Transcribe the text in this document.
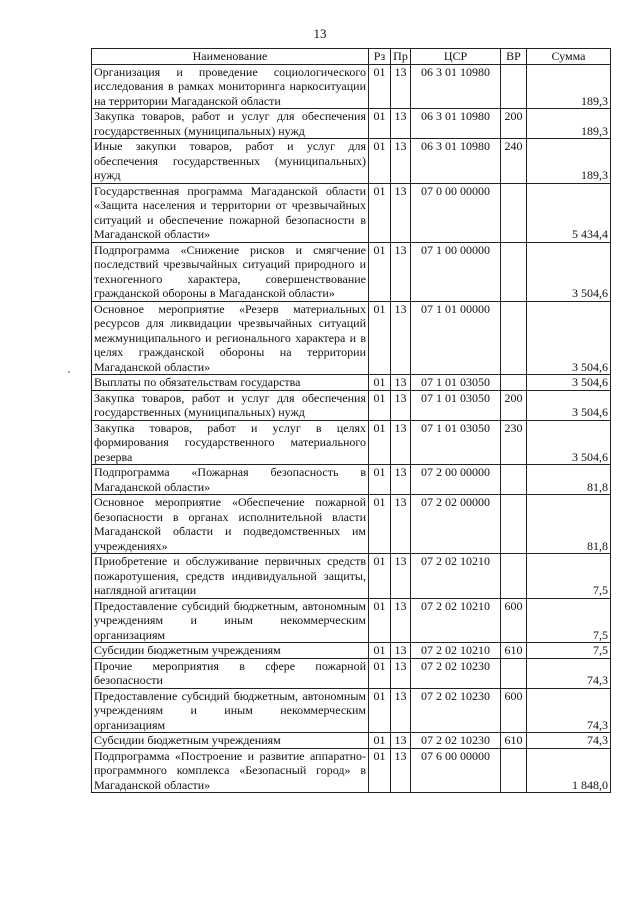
13
Наименование	Рз	Пр	ЦСР	ВР	Сумма
Организация и проведение социологического исследования в рамках мониторинга наркоситуации на территории Магаданской области	01	13	06 3 01 10980		189,3
Закупка товаров, работ и услуг для обеспечения государственных (муниципальных) нужд	01	13	06 3 01 10980	200	189,3
Иные закупки товаров, работ и услуг для обеспечения государственных (муниципальных) нужд	01	13	06 3 01 10980	240	189,3
Государственная программа Магаданской области «Защита населения и территории от чрезвычайных ситуаций и обеспечение пожарной безопасности в Магаданской области»	01	13	07 0 00 00000		5 434,4
Подпрограмма «Снижение рисков и смягчение последствий чрезвычайных ситуаций природного и техногенного характера, совершенствование гражданской обороны в Магаданской области»	01	13	07 1 00 00000		3 504,6
Основное мероприятие «Резерв материальных ресурсов для ликвидации чрезвычайных ситуаций межмуниципального и регионального характера и в целях гражданской обороны на территории Магаданской области»	01	13	07 1 01 00000		3 504,6
Выплаты по обязательствам государства	01	13	07 1 01 03050		3 504,6
Закупка товаров, работ и услуг для обеспечения государственных (муниципальных) нужд	01	13	07 1 01 03050	200	3 504,6
Закупка товаров, работ и услуг в целях формирования государственного материального резерва	01	13	07 1 01 03050	230	3 504,6
Подпрограмма «Пожарная безопасность в Магаданской области»	01	13	07 2 00 00000		81,8
Основное мероприятие «Обеспечение пожарной безопасности в органах исполнительной власти Магаданской области и подведомственных им учреждениях»	01	13	07 2 02 00000		81,8
Приобретение и обслуживание первичных средств пожаротушения, средств индивидуальной защиты, наглядной агитации	01	13	07 2 02 10210		7,5
Предоставление субсидий бюджетным, автономным учреждениям и иным некоммерческим организациям	01	13	07 2 02 10210	600	7,5
Субсидии бюджетным учреждениям	01	13	07 2 02 10210	610	7,5
Прочие мероприятия в сфере пожарной безопасности	01	13	07 2 02 10230		74,3
Предоставление субсидий бюджетным, автономным учреждениям и иным некоммерческим организациям	01	13	07 2 02 10230	600	74,3
Субсидии бюджетным учреждениям	01	13	07 2 02 10230	610	74,3
Подпрограмма «Построение и развитие аппаратно-программного комплекса «Безопасный город» в Магаданской области»	01	13	07 6 00 00000		1 848,0
